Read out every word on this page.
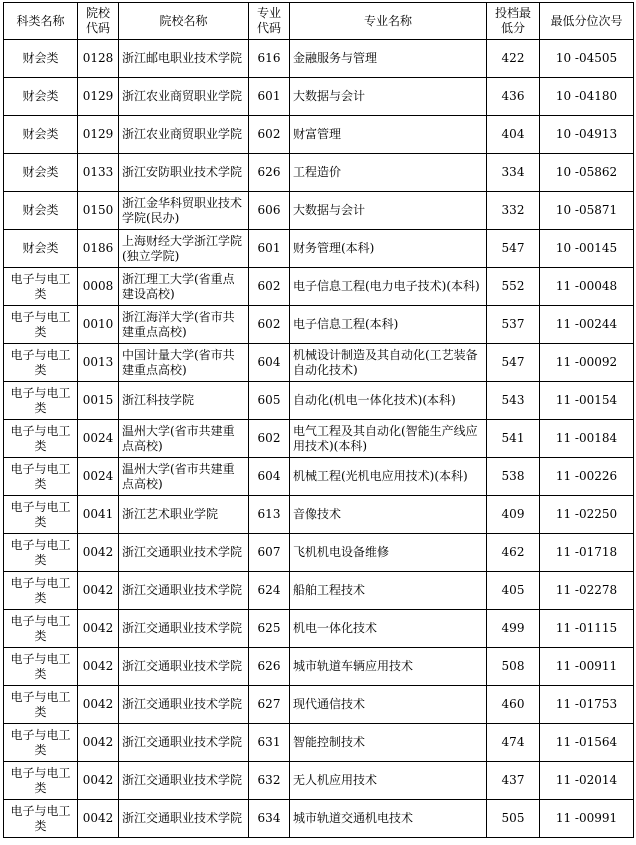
科类名称	院校代码	院校名称	专业代码	专业名称	投档最低分	最低分位次号
财会类	0128	浙江邮电职业技术学院	616	金融服务与管理	422	10 -04505
财会类	0129	浙江农业商贸职业学院	601	大数据与会计	436	10 -04180
财会类	0129	浙江农业商贸职业学院	602	财富管理	404	10 -04913
财会类	0133	浙江安防职业技术学院	626	工程造价	334	10 -05862
财会类	0150	浙江金华科贸职业技术学院(民办)	606	大数据与会计	332	10 -05871
财会类	0186	上海财经大学浙江学院(独立学院)	601	财务管理(本科)	547	10 -00145
电子与电工类	0008	浙江理工大学(省重点建设高校)	602	电子信息工程(电力电子技术)(本科)	552	11 -00048
电子与电工类	0010	浙江海洋大学(省市共建重点高校)	602	电子信息工程(本科)	537	11 -00244
电子与电工类	0013	中国计量大学(省市共建重点高校)	604	机械设计制造及其自动化(工艺装备自动化技术)	547	11 -00092
电子与电工类	0015	浙江科技学院	605	自动化(机电一体化技术)(本科)	543	11 -00154
电子与电工类	0024	温州大学(省市共建重点高校)	602	电气工程及其自动化(智能生产线应用技术)(本科)	541	11 -00184
电子与电工类	0024	温州大学(省市共建重点高校)	604	机械工程(光机电应用技术)(本科)	538	11 -00226
电子与电工类	0041	浙江艺术职业学院	613	音像技术	409	11 -02250
电子与电工类	0042	浙江交通职业技术学院	607	飞机机电设备维修	462	11 -01718
电子与电工类	0042	浙江交通职业技术学院	624	船舶工程技术	405	11 -02278
电子与电工类	0042	浙江交通职业技术学院	625	机电一体化技术	499	11 -01115
电子与电工类	0042	浙江交通职业技术学院	626	城市轨道车辆应用技术	508	11 -00911
电子与电工类	0042	浙江交通职业技术学院	627	现代通信技术	460	11 -01753
电子与电工类	0042	浙江交通职业技术学院	631	智能控制技术	474	11 -01564
电子与电工类	0042	浙江交通职业技术学院	632	无人机应用技术	437	11 -02014
电子与电工类	0042	浙江交通职业技术学院	634	城市轨道交通机电技术	505	11 -00991
